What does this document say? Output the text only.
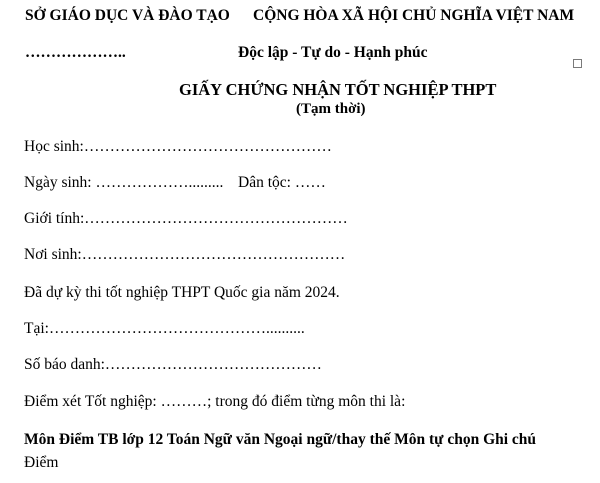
SỞ GIÁO DỤC VÀ ĐÀO TẠO CỘNG HÒA XÃ HỘI CHỦ NGHĨA VIỆT NAM
………………..	Độc lập - Tự do - Hạnh phúc
GIẤY CHỨNG NHẬN TỐT NGHIỆP THPT
(Tạm thời)
Học sinh:…………………………………………
Ngày sinh: ………………......... Dân tộc: ……
Giới tính:……………………………………………
Nơi sinh:……………………………………………
Đã dự kỳ thi tốt nghiệp THPT Quốc gia năm 2024.
Tại:……………………………………..........
Số báo danh:……………………………………
Điểm xét Tốt nghiệp: ………; trong đó điểm từng môn thi là:
Môn Điểm TB lớp 12 Toán Ngữ văn Ngoại ngữ/thay thế Môn tự chọn Ghi chú
Điểm
